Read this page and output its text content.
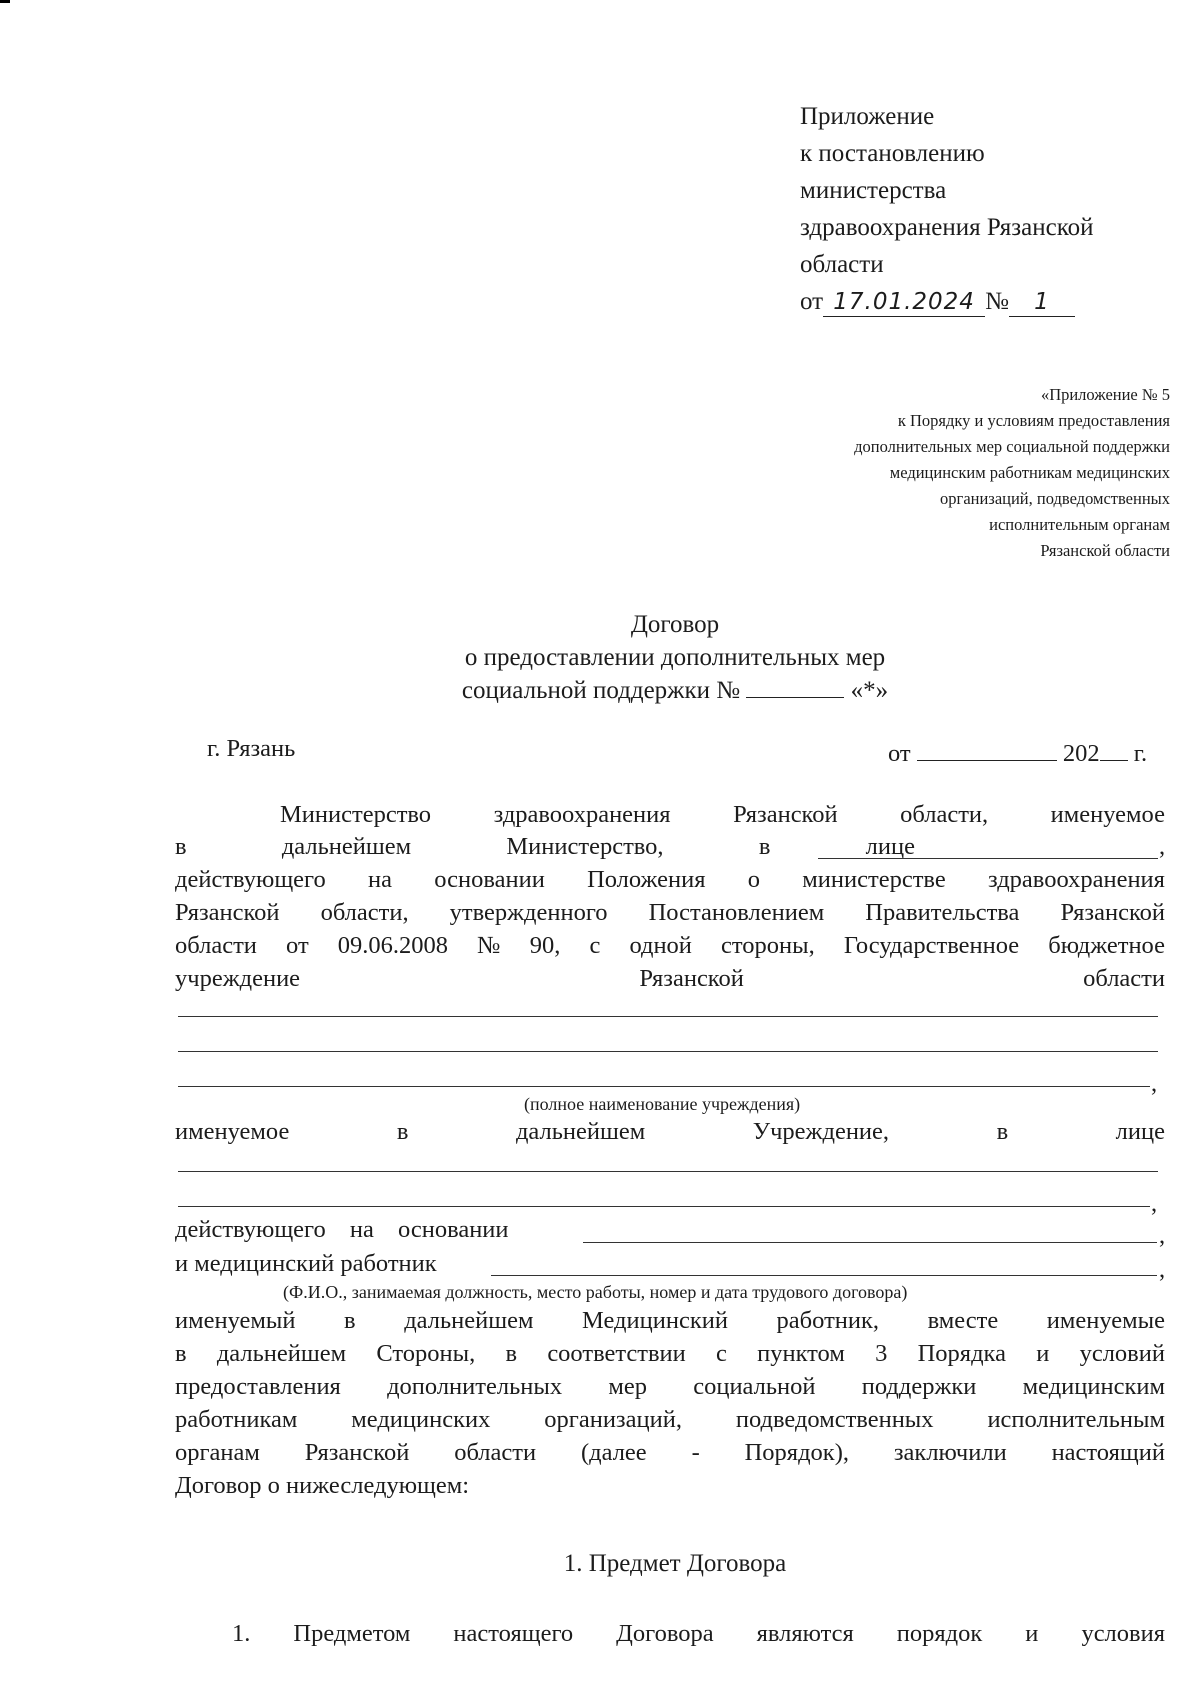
Приложение
к постановлению
министерства
здравоохранения Рязанской
области
от 17.01.2024 № 1
«Приложение № 5
к Порядку и условиям предоставления
дополнительных мер социальной поддержки
медицинским работникам медицинских
организаций, подведомственных
исполнительным органам
Рязанской области
Договор
о предоставлении дополнительных мер
социальной поддержки №	«*»
г. Рязань	от	202 г.
Министерство	здравоохранения	Рязанской	области,	именуемое
в	дальнейшем	Министерство,	в	лице	,
действующего на основании Положения о министерстве здравоохранения
Рязанской области, утвержденного Постановлением Правительства Рязанской
области от 09.06.2008 № 90, с одной стороны, Государственное бюджетное
учреждение	Рязанской	области
,
(полное наименование учреждения)
именуемое	в	дальнейшем	Учреждение,	в	лице
,
действующего на основании	,
и медицинский работник	,
(Ф.И.О., занимаемая должность, место работы, номер и дата трудового договора)
именуемый в дальнейшем Медицинский работник, вместе именуемые
в дальнейшем Стороны, в соответствии с пунктом 3 Порядка и условий
предоставления дополнительных мер социальной поддержки медицинским
работникам медицинских организаций, подведомственных исполнительным
органам Рязанской области (далее - Порядок), заключили настоящий
Договор о нижеследующем:
1. Предмет Договора
1. Предметом настоящего Договора являются порядок и условия
